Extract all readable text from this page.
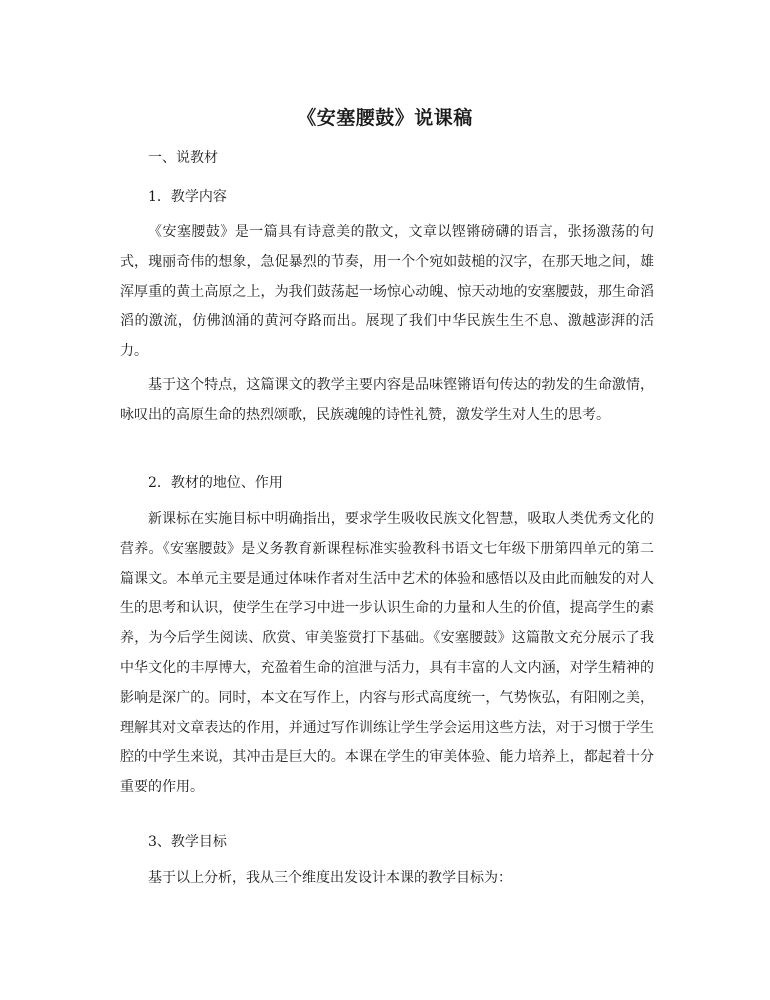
《安塞腰鼓》说课稿

一、说教材

1．教学内容

《安塞腰鼓》是一篇具有诗意美的散文，文章以铿锵磅礴的语言，张扬激荡的句式，瑰丽奇伟的想象，急促暴烈的节奏，用一个个宛如鼓槌的汉字，在那天地之间，雄浑厚重的黄土高原之上，为我们鼓荡起一场惊心动魄、惊天动地的安塞腰鼓，那生命滔滔的激流，仿佛汹涌的黄河夺路而出。展现了我们中华民族生生不息、激越澎湃的活力。

基于这个特点，这篇课文的教学主要内容是品味铿锵语句传达的勃发的生命激情，咏叹出的高原生命的热烈颂歌，民族魂魄的诗性礼赞，激发学生对人生的思考。

2．教材的地位、作用

新课标在实施目标中明确指出，要求学生吸收民族文化智慧，吸取人类优秀文化的营养。《安塞腰鼓》是义务教育新课程标准实验教科书语文七年级下册第四单元的第二篇课文。本单元主要是通过体味作者对生活中艺术的体验和感悟以及由此而触发的对人生的思考和认识，使学生在学习中进一步认识生命的力量和人生的价值，提高学生的素养，为今后学生阅读、欣赏、审美鉴赏打下基础。《安塞腰鼓》这篇散文充分展示了我中华文化的丰厚博大，充盈着生命的渲泄与活力，具有丰富的人文内涵，对学生精神的影响是深广的。同时，本文在写作上，内容与形式高度统一，气势恢弘，有阳刚之美，理解其对文章表达的作用，并通过写作训练让学生学会运用这些方法，对于习惯于学生腔的中学生来说，其冲击是巨大的。本课在学生的审美体验、能力培养上，都起着十分重要的作用。

3、教学目标

基于以上分析，我从三个维度出发设计本课的教学目标为：
